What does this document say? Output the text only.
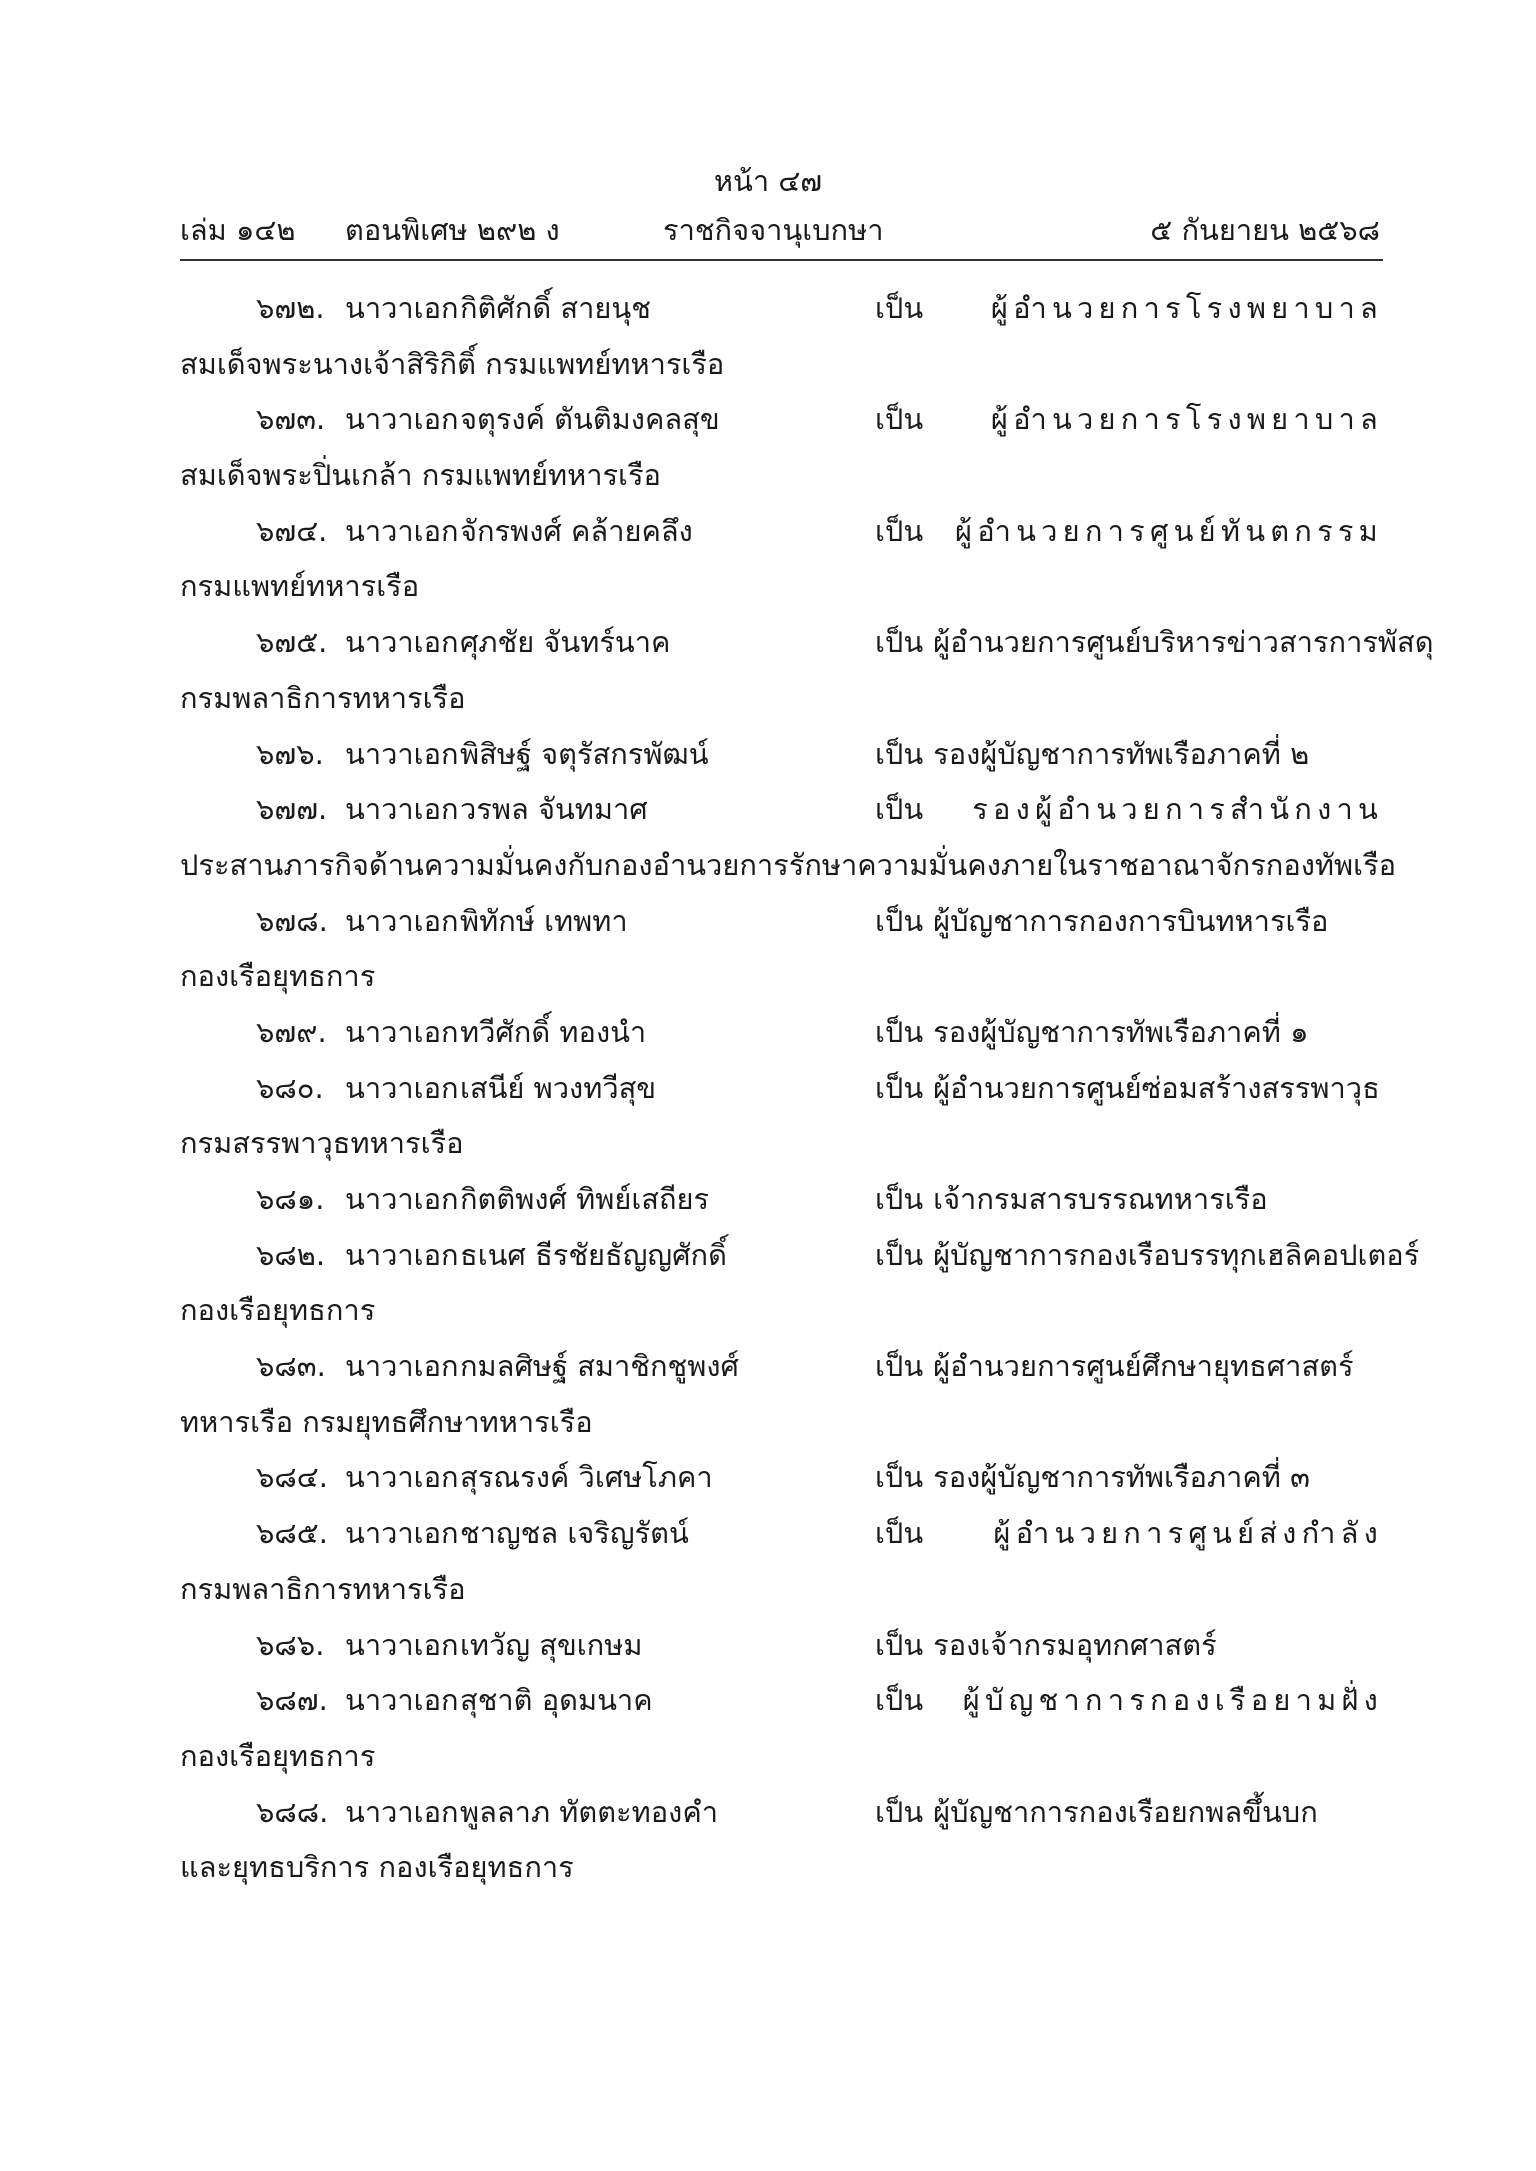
หน้า ๔๗
เล่ม ๑๔๒ ตอนพิเศษ ๒๙๒ ง	ราชกิจจานุเบกษา	๕ กันยายน ๒๕๖๘
๖๗๒. นาวาเอก กิติศักดิ์ สายนุช	เป็น ผู้อำนวยการโรงพยาบาล
สมเด็จพระนางเจ้าสิริกิติ์ กรมแพทย์ทหารเรือ
๖๗๓. นาวาเอก จตุรงค์ ตันติมงคลสุข	เป็น ผู้อำนวยการโรงพยาบาล
สมเด็จพระปิ่นเกล้า กรมแพทย์ทหารเรือ
๖๗๔. นาวาเอก จักรพงศ์ คล้ายคลึง	เป็น ผู้อำนวยการศูนย์ทันตกรรม
กรมแพทย์ทหารเรือ
๖๗๕. นาวาเอก ศุภชัย จันทร์นาค	เป็น ผู้อำนวยการศูนย์บริหารข่าวสารการพัสดุ
กรมพลาธิการทหารเรือ
๖๗๖. นาวาเอก พิสิษฐ์ จตุรัสกรพัฒน์	เป็น รองผู้บัญชาการทัพเรือภาคที่ ๒
๖๗๗. นาวาเอก วรพล จันทมาศ	เป็น รองผู้อำนวยการสำนักงาน
ประสานภารกิจด้านความมั่นคงกับกองอำนวยการรักษาความมั่นคงภายในราชอาณาจักรกองทัพเรือ
๖๗๘. นาวาเอก พิทักษ์ เทพทา	เป็น ผู้บัญชาการกองการบินทหารเรือ
กองเรือยุทธการ
๖๗๙. นาวาเอก ทวีศักดิ์ ทองนำ	เป็น รองผู้บัญชาการทัพเรือภาคที่ ๑
๖๘๐. นาวาเอก เสนีย์ พวงทวีสุข	เป็น ผู้อำนวยการศูนย์ซ่อมสร้างสรรพาวุธ
กรมสรรพาวุธทหารเรือ
๖๘๑. นาวาเอก กิตติพงศ์ ทิพย์เสถียร	เป็น เจ้ากรมสารบรรณทหารเรือ
๖๘๒. นาวาเอก ธเนศ ธีรชัยธัญญศักดิ์	เป็น ผู้บัญชาการกองเรือบรรทุกเฮลิคอปเตอร์
กองเรือยุทธการ
๖๘๓. นาวาเอก กมลศิษฐ์ สมาชิกชูพงศ์	เป็น ผู้อำนวยการศูนย์ศึกษายุทธศาสตร์
ทหารเรือ กรมยุทธศึกษาทหารเรือ
๖๘๔. นาวาเอก สุรณรงค์ วิเศษโภคา	เป็น รองผู้บัญชาการทัพเรือภาคที่ ๓
๖๘๕. นาวาเอก ชาญชล เจริญรัตน์	เป็น ผู้อำนวยการศูนย์ส่งกำลัง
กรมพลาธิการทหารเรือ
๖๘๖. นาวาเอก เทวัญ สุขเกษม	เป็น รองเจ้ากรมอุทกศาสตร์
๖๘๗. นาวาเอก สุชาติ อุดมนาค	เป็น ผู้บัญชาการกองเรือยามฝั่ง
กองเรือยุทธการ
๖๘๘. นาวาเอก พูลลาภ ทัตตะทองคำ	เป็น ผู้บัญชาการกองเรือยกพลขึ้นบก
และยุทธบริการ กองเรือยุทธการ
